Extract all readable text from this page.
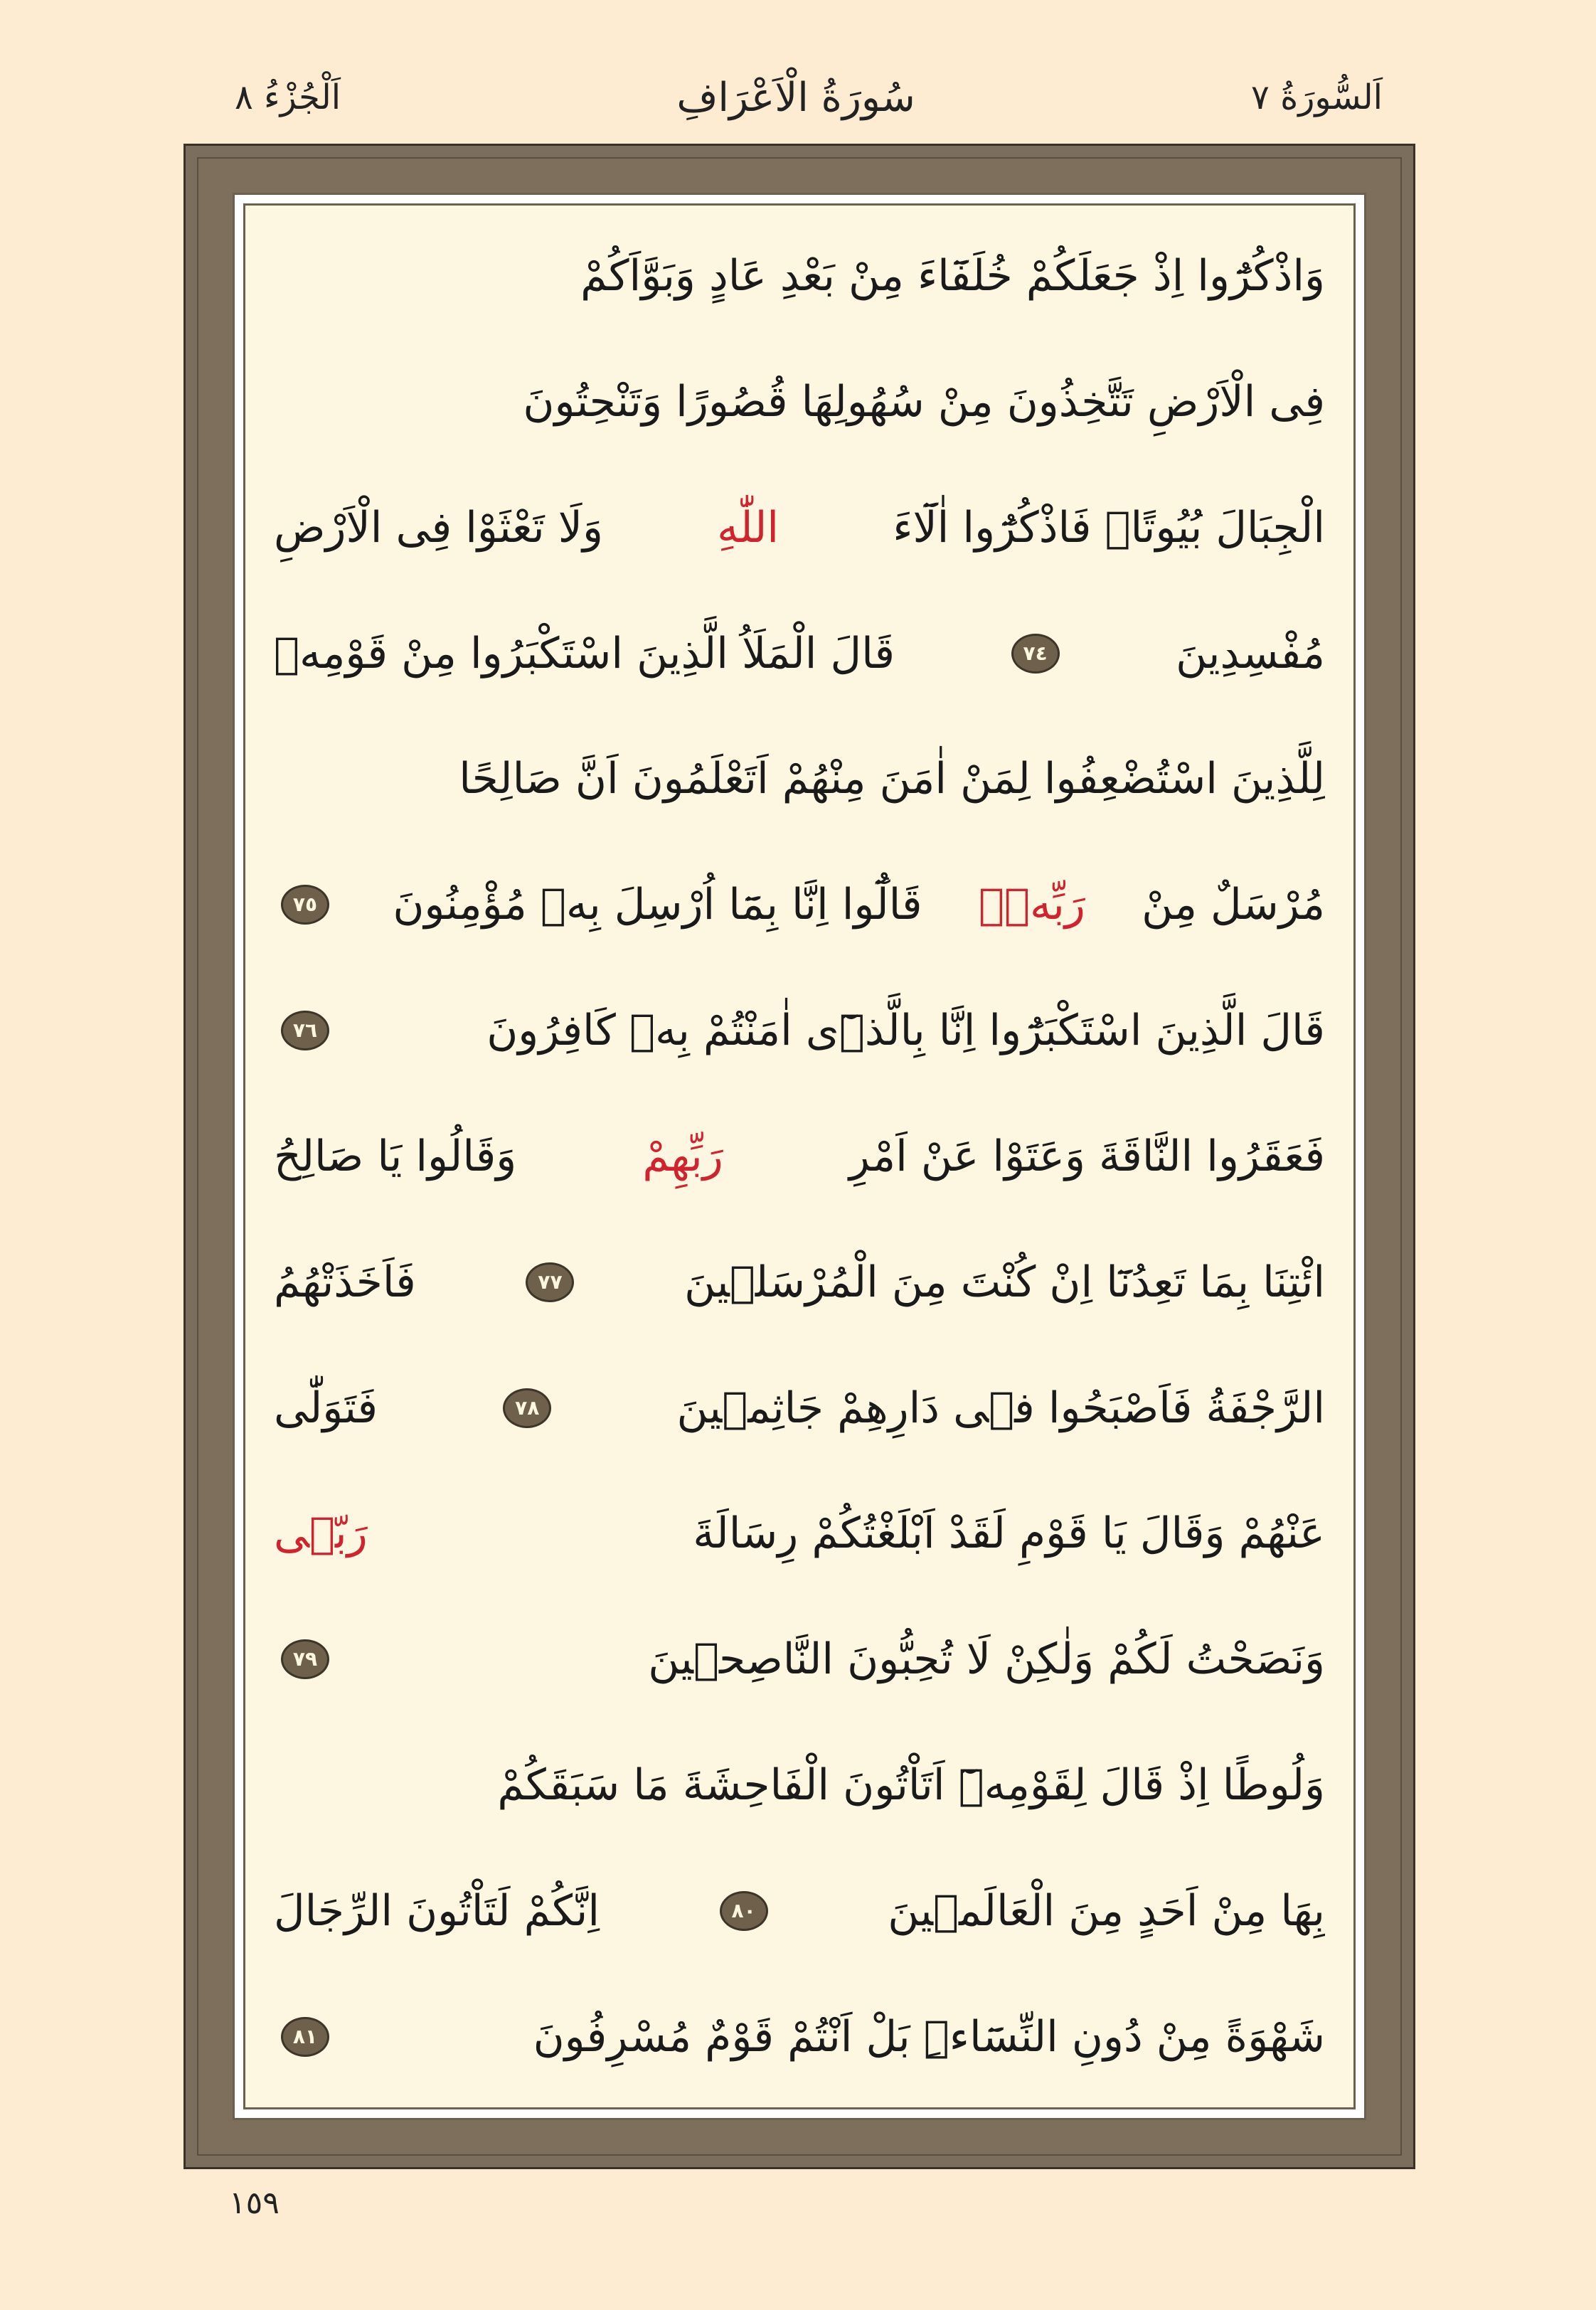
اَلسُّورَةُ ٧
سُورَةُ الْاَعْرَافِ
اَلْجُزْءُ ٨
وَاذْكُرُٓوا اِذْ جَعَلَكُمْ خُلَفَٓاءَ مِنْ بَعْدِ عَادٍ وَبَوَّاَكُمْ
فِى الْاَرْضِ تَتَّخِذُونَ مِنْ سُهُولِهَا قُصُورًا وَتَنْحِتُونَ
الْجِبَالَ بُيُوتًاۚ فَاذْكُرُٓوا اٰلَٓاءَ
اللّٰهِ
وَلَا تَعْثَوْا فِى الْاَرْضِ
مُفْسِدِينَ
٧٤
قَالَ الْمَلَاُ الَّذِينَ اسْتَكْبَرُوا مِنْ قَوْمِهٖ
لِلَّذِينَ اسْتُضْعِفُوا لِمَنْ اٰمَنَ مِنْهُمْ اَتَعْلَمُونَ اَنَّ صَالِحًا
مُرْسَلٌ مِنْ
رَبِّهٖۜ
قَالُٓوا اِنَّا بِمَٓا اُرْسِلَ بِهٖ مُؤْمِنُونَ
٧٥
قَالَ الَّذِينَ اسْتَكْبَرُٓوا اِنَّا بِالَّذ۪ٓى اٰمَنْتُمْ بِهٖ كَافِرُونَ
٧٦
فَعَقَرُوا النَّاقَةَ وَعَتَوْا عَنْ اَمْرِ
رَبِّهِمْ
وَقَالُوا يَا صَالِحُ
ائْتِنَا بِمَا تَعِدُنَٓا اِنْ كُنْتَ مِنَ الْمُرْسَل۪ينَ
٧٧
فَاَخَذَتْهُمُ
الرَّجْفَةُ فَاَصْبَحُوا ف۪ى دَارِهِمْ جَاثِم۪ينَ
٧٨
فَتَوَلّٰى
عَنْهُمْ وَقَالَ يَا قَوْمِ لَقَدْ اَبْلَغْتُكُمْ رِسَالَةَ
رَبّ۪ى
وَنَصَحْتُ لَكُمْ وَلٰكِنْ لَا تُحِبُّونَ النَّاصِح۪ينَ
٧٩
وَلُوطًا اِذْ قَالَ لِقَوْمِهٖٓ اَتَاْتُونَ الْفَاحِشَةَ مَا سَبَقَكُمْ
بِهَا مِنْ اَحَدٍ مِنَ الْعَالَم۪ينَ
٨٠
اِنَّكُمْ لَتَاْتُونَ الرِّجَالَ
شَهْوَةً مِنْ دُونِ النِّسَٓاءِۜ بَلْ اَنْتُمْ قَوْمٌ مُسْرِفُونَ
٨١
١٥٩
